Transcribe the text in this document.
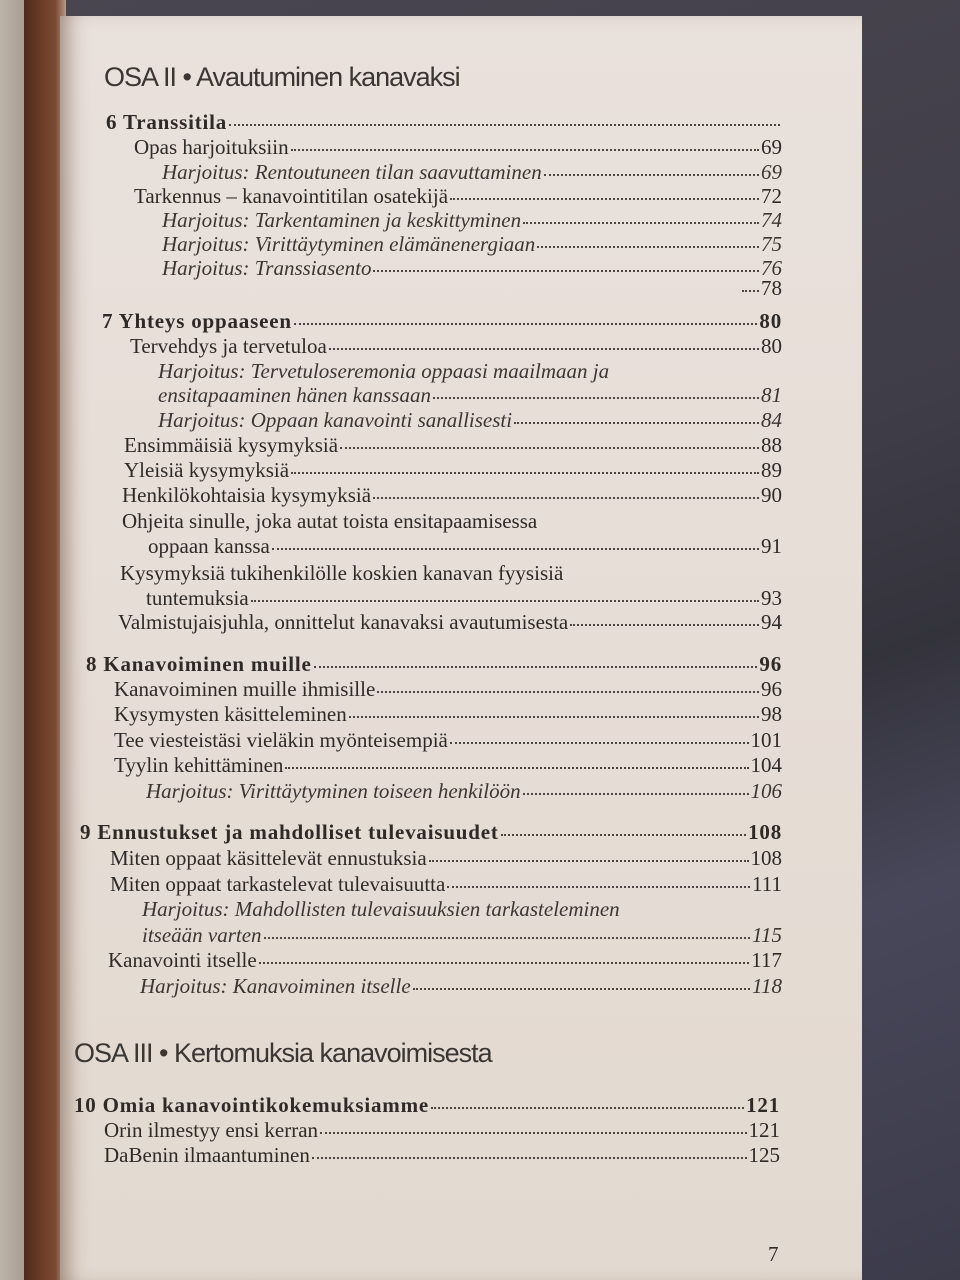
OSA II • Avautuminen kanavaksi
6 Transsitila
Opas harjoituksiin	69
Harjoitus: Rentoutuneen tilan saavuttaminen	69
Tarkennus – kanavointitilan osatekijä	72
Harjoitus: Tarkentaminen ja keskittyminen	74
Harjoitus: Virittäytyminen elämänenergiaan	75
Harjoitus: Transsiasento	76
78
7 Yhteys oppaaseen	80
Tervehdys ja tervetuloa	80
Harjoitus: Tervetuloseremonia oppaasi maailmaan ja
ensitapaaminen hänen kanssaan	81
Harjoitus: Oppaan kanavointi sanallisesti	84
Ensimmäisiä kysymyksiä	88
Yleisiä kysymyksiä	89
Henkilökohtaisia kysymyksiä	90
Ohjeita sinulle, joka autat toista ensitapaamisessa
oppaan kanssa	91
Kysymyksiä tukihenkilölle koskien kanavan fyysisiä
tuntemuksia	93
Valmistujaisjuhla, onnittelut kanavaksi avautumisesta	94
8 Kanavoiminen muille	96
Kanavoiminen muille ihmisille	96
Kysymysten käsitteleminen	98
Tee viesteistäsi vieläkin myönteisempiä	101
Tyylin kehittäminen	104
Harjoitus: Virittäytyminen toiseen henkilöön	106
9 Ennustukset ja mahdolliset tulevaisuudet	108
Miten oppaat käsittelevät ennustuksia	108
Miten oppaat tarkastelevat tulevaisuutta	111
Harjoitus: Mahdollisten tulevaisuuksien tarkasteleminen
itseään varten	115
Kanavointi itselle	117
Harjoitus: Kanavoiminen itselle	118
OSA III • Kertomuksia kanavoimisesta
10 Omia kanavointikokemuksiamme	121
Orin ilmestyy ensi kerran	121
DaBenin ilmaantuminen	125
7
